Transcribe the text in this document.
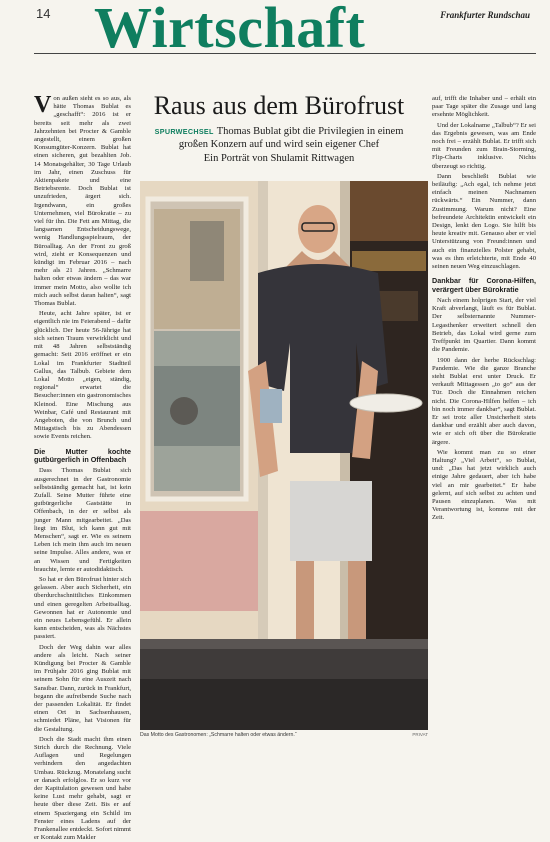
14 Wirtschaft	Frankfurter Rundschau

Von außen sieht es so aus, als hätte Thomas Bublat es „geschafft“: 2016 ist er bereits seit mehr als zwei Jahrzehnten bei Procter & Gamble angestellt, einem großen Konsumgüter-Konzern. Bublat hat einen sicheren, gut bezahlten Job. 14 Monatsgehälter, 30 Tage Urlaub im Jahr, einen Zuschuss für Aktienpakete und eine Betriebsrente. Doch Bublat ist unzufrieden, ärgert sich. Irgendwann, ein großes Unternehmen, viel Bürokratie – zu viel für ihn. Die Fett am Mittag, die langsamen Entscheidungswege, wenig Handlungsspielraum, der Büroalltag. An der Front zu groß wird, zieht er Konsequenzen und kündigt im Februar 2016 – nach mehr als 21 Jahren. „Schmarre halten oder etwas ändern – das war immer mein Motto, also wollte ich mich auch selbst daran halten“, sagt Thomas Bublat.

Heute, acht Jahre später, ist er eigentlich nie im Feierabend – dafür glücklich. Der heute 56-Jährige hat sich seinen Traum verwirklicht und mit 48 Jahren selbstständig gemacht: Seit 2016 eröffnet er ein Lokal im Frankfurter Stadtteil Gallus, das Talbub. Gebiete dem Lokal Motto „eigen, ständig, regional“ erwartet die Besucher:innen ein gastronomisches Kleinod. Eine Mischung aus Weinbar, Café und Restaurant mit Angeboten, die von Brunch und Mittagstisch bis zu Abendessen sowie Events reichen.

Die Mutter kochte gutbürgerlich in Offenbach

Dass Thomas Bublat sich ausgerechnet in der Gastronomie selbstständig gemacht hat, ist kein Zufall. Seine Mutter führte eine gutbürgerliche Gaststätte in Offenbach, in der er selbst als junger Mann mitgearbeitet. „Das liegt im Blut, ich kann gut mit Menschen“, sagt er. Wie es seinem Leben ich mein ihm auch im neuen seine Impulse. Alles andere, was er an Wissen und Fertigkeiten brauchte, lernte er autodidaktisch.

So hat er den Bürofrust hinter sich gelassen. Aber auch Sicherheit, ein überdurchschnittliches Einkommen und einen geregelten Arbeitsalltag. Gewonnen hat er Autonomie und ein neues Lebensgefühl. Er allein kann entscheiden, was als Nächstes passiert.

Doch der Weg dahin war alles andere als leicht. Nach seiner Kündigung bei Procter & Gamble im Frühjahr 2016 ging Bublat mit seinem Sohn für eine Auszeit nach Sansibar. Dann, zurück in Frankfurt, begann die aufreibende Suche nach der passenden Lokalität. Er findet einen Ort in Sachsenhausen, schmiedet Pläne, hat Visionen für die Gestaltung.

Doch die Stadt macht ihm einen Strich durch die Rechnung. Viele Auflagen und Regelungen verhindern den angedachten Umbau. Rückzug. Monatelang sucht er danach erfolglos. Er so kurz vor der Kapitulation gewesen und habe keine Lust mehr gehabt, sagt er heute über diese Zeit. Bis er auf einem Spaziergang ein Schild im Fenster eines Ladens auf der Frankenallee entdeckt. Sofort nimmt er Kontakt zum Makler

Raus aus dem Bürofrust
SPURWECHSEL Thomas Bublat gibt die Privilegien in einem großen Konzern auf und wird sein eigener Chef
Ein Porträt von Shulamit Rittwagen
Das Motto des Gastronomen: „Schmarre halten oder etwas ändern.“	PRIVAT

auf, trifft die Inhaber und – erhält ein paar Tage später die Zusage und lang ersehnte Möglichkeit.

Und der Lokalname „Talbub“? Er sei das Ergebnis gewesen, was am Ende noch frei – erzählt Bublat. Er trifft sich mit Freunden zum Brain-Storming, Flip-Charts inklusive. Nichts überzeugt so richtig.

Dann beschließt Bublat wie beiläufig: „Ach egal, ich nehme jetzt einfach meinen Nachnamen rückwärts.“ Ein Nummer, dann Zustimmung. Warum nicht? Eine befreundete Architektin entwickelt ein Design, lenkt den Logo. Sie hilft bis heute kreativ mit. Genauso aber er viel Unterstützung von Freund:innen und auch ein finanzielles Polster gehabt, was es ihm erleichterte, mit Ende 40 seinen neuen Weg einzuschlagen.

Dankbar für Corona-Hilfen, verärgert über Bürokratie

Nach einem holprigen Start, der viel Kraft abverlangt, läuft es für Bublat. Der selbsternannte Nummer-Legasthenker erweitert schnell den Betrieb, das Lokal wird gerne zum Treffpunkt im Quartier. Dann kommt die Pandemie.

1900 dann der herbe Rückschlag: Pandemie. Wie die ganze Branche steht Bublat erst unter Druck. Er verkauft Mittagessen „to go“ aus der Tür. Doch die Einnahmen reichen nicht. Die Corona-Hilfen helfen – ich bin noch immer dankbar“, sagt Bublat. Er sei trotz aller Unsicherheit stets dankbar und erzählt aber auch davon, wie er sich oft über die Bürokratie ärgere.

Wie kommt man zu so einer Haltung? „Viel Arbeit“, so Bublat, und: „Das hat jetzt wirklich auch einige Jahre gedauert, aber ich habe viel an mir gearbeitet.“ Er habe gelernt, auf sich selbst zu achten und Pausen einzuplanen. Was mit Verantwortung ist, komme mit der Zeit.
